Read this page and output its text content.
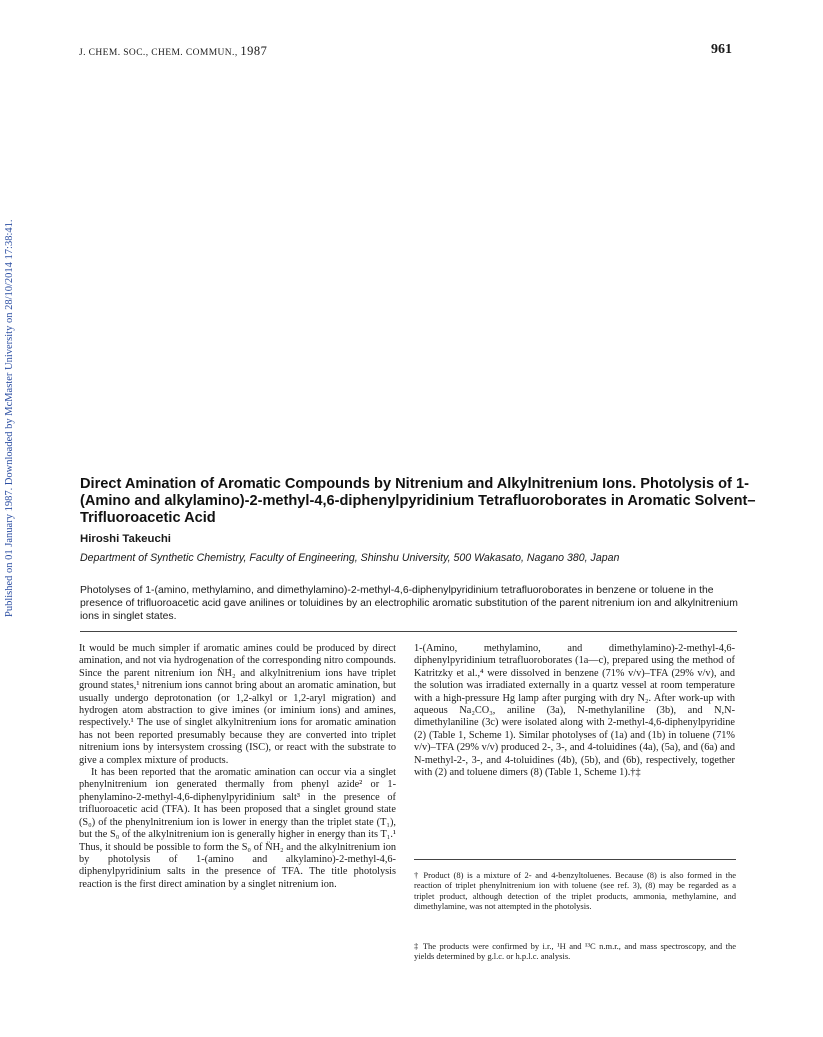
Published on 01 January 1987. Downloaded by McMaster University on 28/10/2014 17:38:41.
J. CHEM. SOC., CHEM. COMMUN., 1987	961
Direct Amination of Aromatic Compounds by Nitrenium and Alkylnitrenium Ions. Photolysis of 1-(Amino and alkylamino)-2-methyl-4,6-diphenylpyridinium Tetrafluoroborates in Aromatic Solvent–Trifluoroacetic Acid
Hiroshi Takeuchi
Department of Synthetic Chemistry, Faculty of Engineering, Shinshu University, 500 Wakasato, Nagano 380, Japan
Photolyses of 1-(amino, methylamino, and dimethylamino)-2-methyl-4,6-diphenylpyridinium tetrafluoroborates in benzene or toluene in the presence of trifluoroacetic acid gave anilines or toluidines by an electrophilic aromatic substitution of the parent nitrenium ion and alkylnitrenium ions in singlet states.

It would be much simpler if aromatic amines could be produced by direct amination, and not via hydrogenation of the corresponding nitro compounds. Since the parent nitrenium ion N̈H₂ and alkylnitrenium ions have triplet ground states,¹ nitrenium ions cannot bring about an aromatic amination, but usually undergo deprotonation (or 1,2-alkyl or 1,2-aryl migration) and hydrogen atom abstraction to give imines (or iminium ions) and amines, respectively.¹ The use of singlet alkylnitrenium ions for aromatic amination has not been reported presumably because they are converted into triplet nitrenium ions by intersystem crossing (ISC), or react with the substrate to give a complex mixture of products.

It has been reported that the aromatic amination can occur via a singlet phenylnitrenium ion generated thermally from phenyl azide² or 1-phenylamino-2-methyl-4,6-diphenylpyridinium salt³ in the presence of trifluoroacetic acid (TFA). It has been proposed that a singlet ground state (S₀) of the phenylnitrenium ion is lower in energy than the triplet state (T₁), but the S₀ of the alkylnitrenium ion is generally higher in energy than its T₁.¹ Thus, it should be possible to form the S₀ of N̈H₂ and the alkylnitrenium ion by photolysis of 1-(amino and alkylamino)-2-methyl-4,6-diphenylpyridinium salts in the presence of TFA. The title photolysis reaction is the first direct amination by a singlet nitrenium ion.

1-(Amino, methylamino, and dimethylamino)-2-methyl-4,6-diphenylpyridinium tetrafluoroborates (1a—c), prepared using the method of Katritzky et al.,⁴ were dissolved in benzene (71% v/v)–TFA (29% v/v), and the solution was irradiated externally in a quartz vessel at room temperature with a high-pressure Hg lamp after purging with dry N₂. After work-up with aqueous Na₂CO₃, aniline (3a), N-methylaniline (3b), and N,N-dimethylaniline (3c) were isolated along with 2-methyl-4,6-diphenylpyridine (2) (Table 1, Scheme 1). Similar photolyses of (1a) and (1b) in toluene (71% v/v)–TFA (29% v/v) produced 2-, 3-, and 4-toluidines (4a), (5a), and (6a) and N-methyl-2-, 3-, and 4-toluidines (4b), (5b), and (6b), respectively, together with (2) and toluene dimers (8) (Table 1, Scheme 1).†‡

† Product (8) is a mixture of 2- and 4-benzyltoluenes. Because (8) is also formed in the reaction of triplet phenylnitrenium ion with toluene (see ref. 3), (8) may be regarded as a triplet product, although detection of the triplet products, ammonia, methylamine, and dimethylamine, was not attempted in the photolysis.

‡ The products were confirmed by i.r., ¹H and ¹³C n.m.r., and mass spectroscopy, and the yields determined by g.l.c. or h.p.l.c. analysis.
